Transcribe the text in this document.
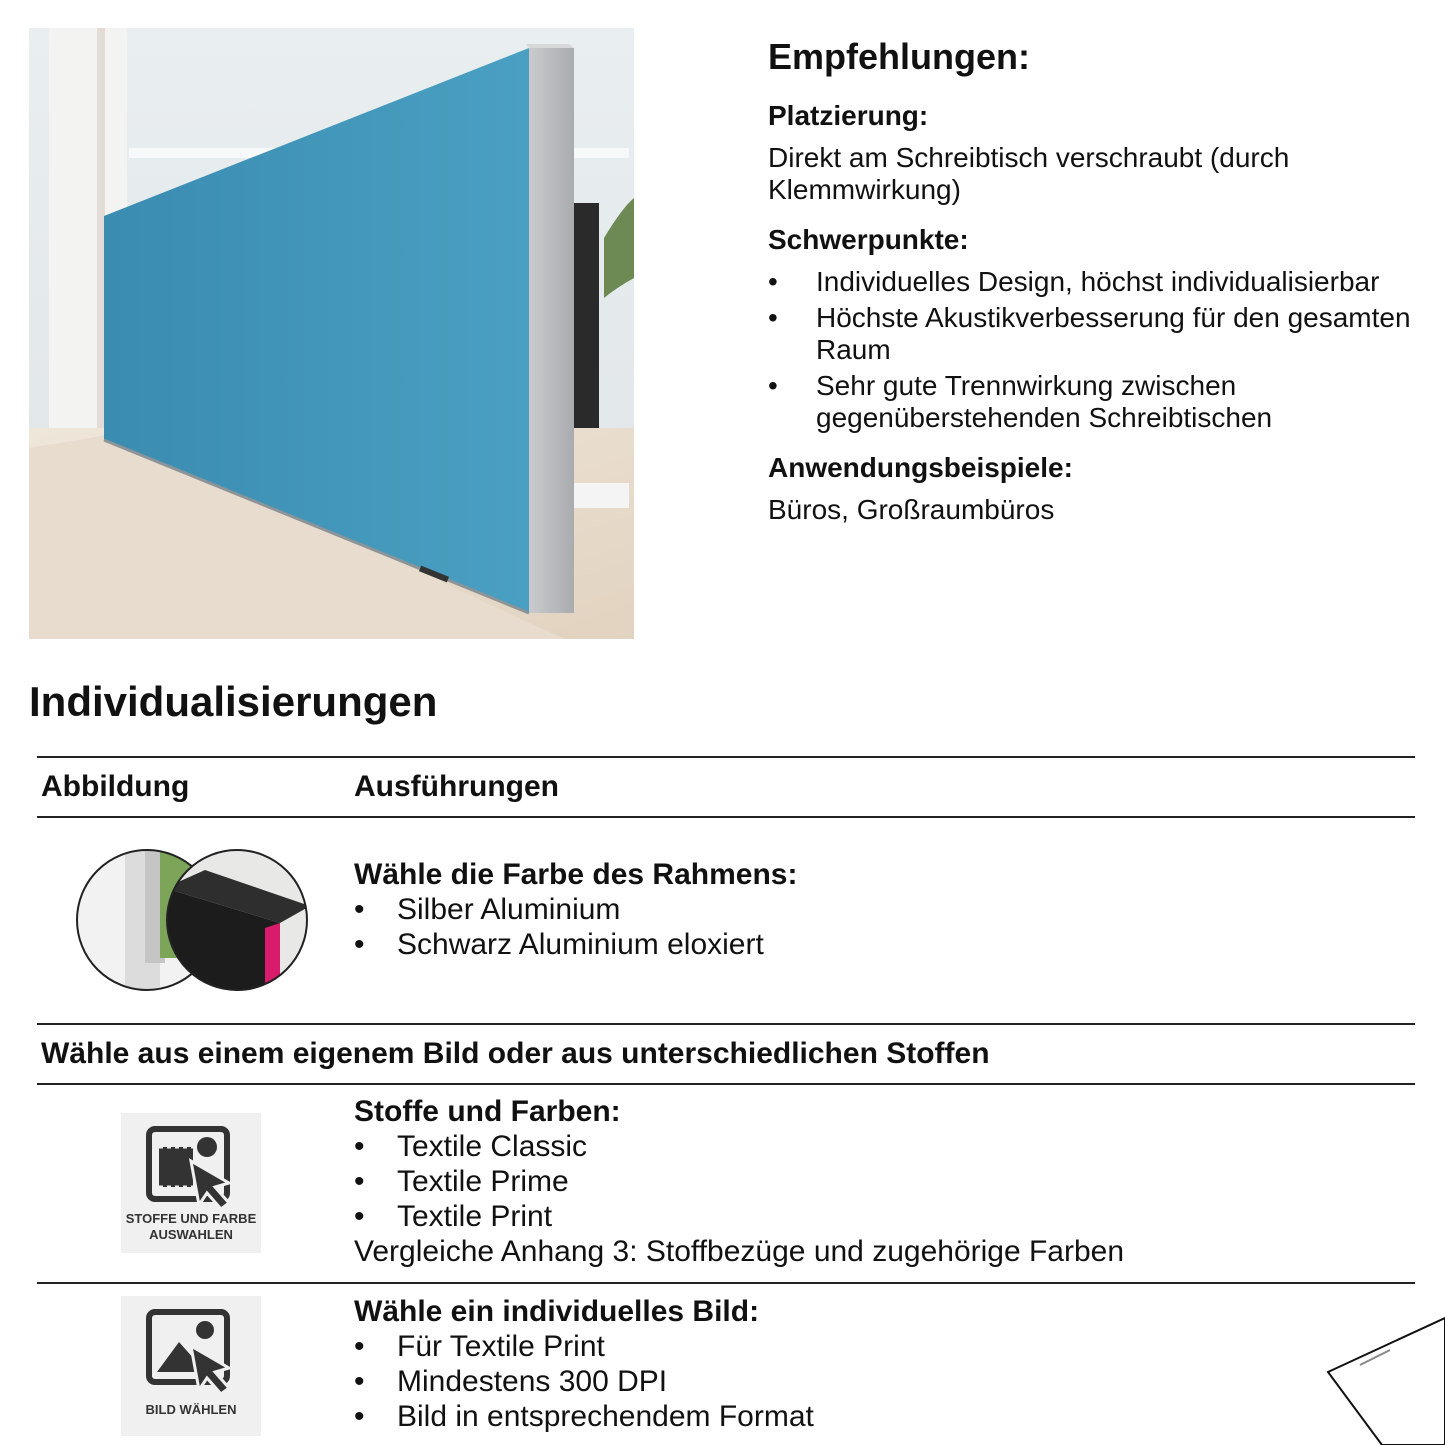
Empfehlungen:
Platzierung:

Direkt am Schreibtisch verschraubt (durch Klemmwirkung)

Schwerpunkte:
• Individuelles Design, höchst individualisierbar
• Höchste Akustikverbesserung für den gesamten Raum
• Sehr gute Trennwirkung zwischen gegenüberstehenden Schreibtischen
Anwendungsbeispiele:

Büros, Großraumbüros

Individualisierungen
Abbildung	Ausführungen
Wähle die Farbe des Rahmens:
• Silber Aluminium
• Schwarz Aluminium eloxiert
Wähle aus einem eigenem Bild oder aus unterschiedlichen Stoffen
STOFFE UND FARBE
AUSWAHLEN
Stoffe und Farben:
• Textile Classic
• Textile Prime
• Textile Print
Vergleiche Anhang 3: Stoffbezüge und zugehörige Farben
BILD WÄHLEN
Wähle ein individuelles Bild:
• Für Textile Print
• Mindestens 300 DPI
• Bild in entsprechendem Format
